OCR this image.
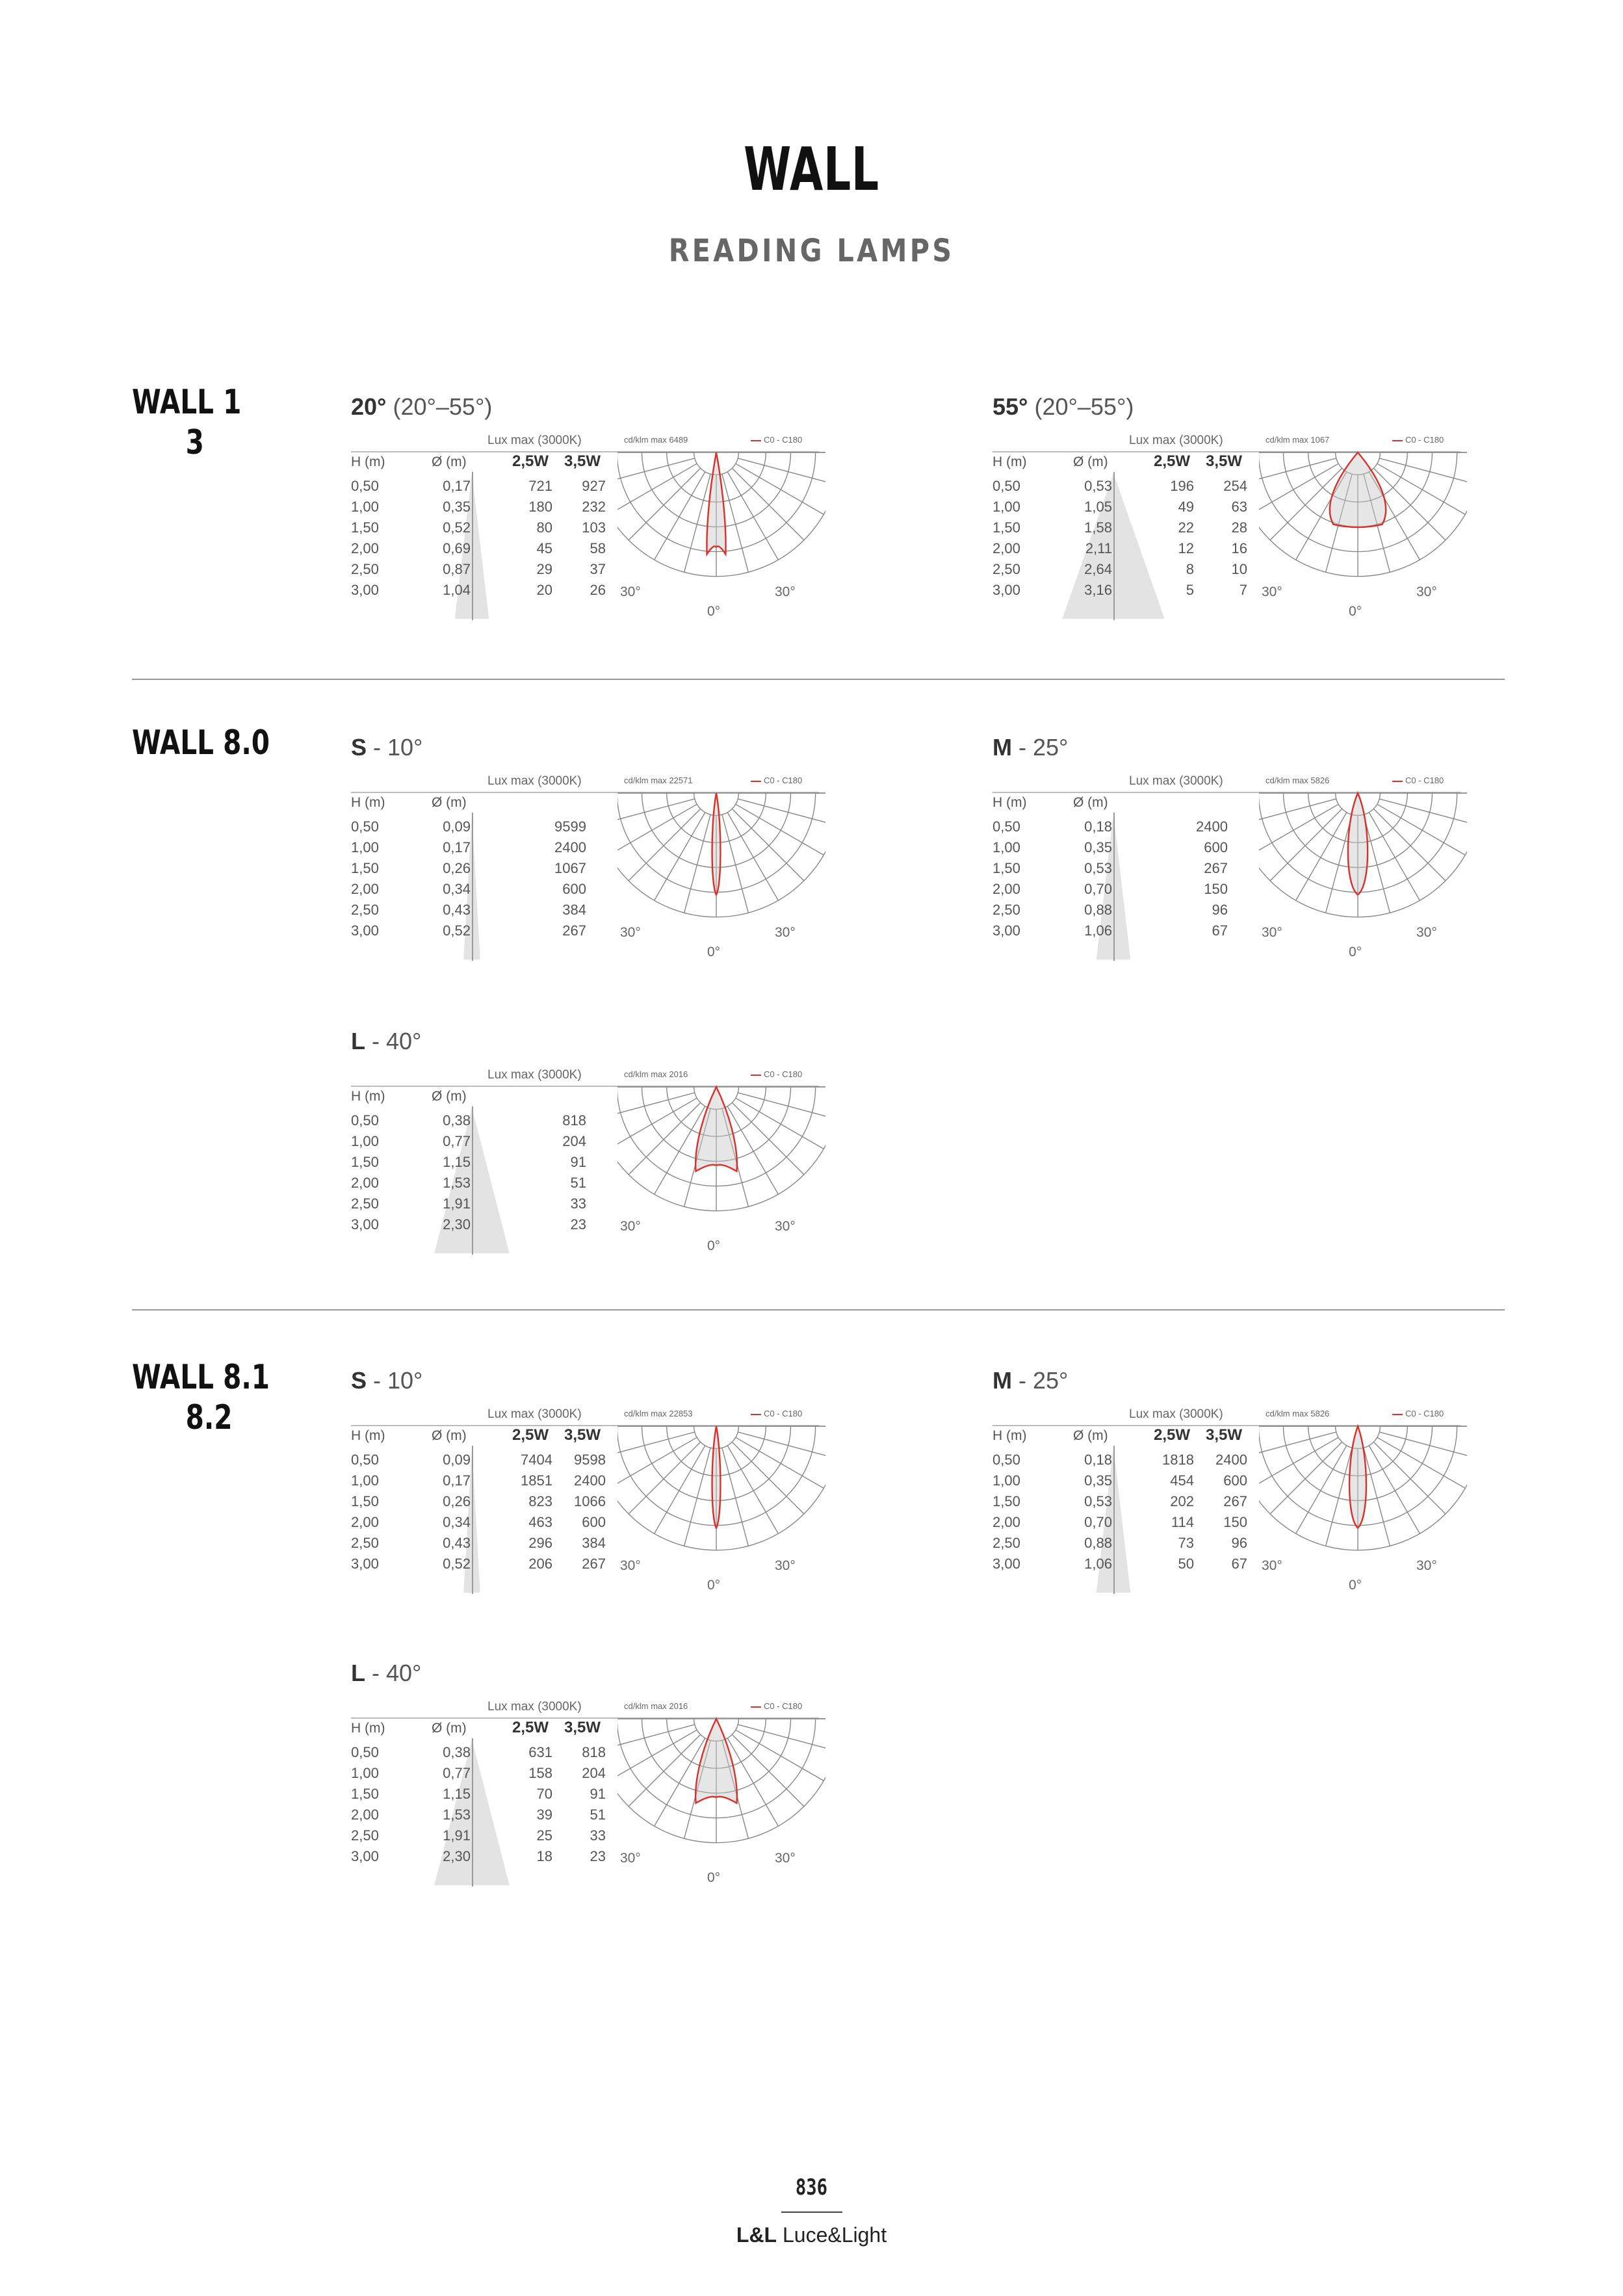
WALL
READING LAMPS
WALL 1
3
WALL 8.0
WALL 8.1
8.2
20° (20°–55°)
Lux max (3000K)
H (m)	Ø (m)	2,5W 3,5W
0,50	0,17	721	927
1,00	0,35	180	232
1,50	0,52	80	103
2,00	0,69	45	58
2,50	0,87	29	37
3,00	1,04	20	26
cd/klm max 6489	C0 - C180
30°	30°
0°
55° (20°–55°)
Lux max (3000K)
H (m)	Ø (m)	2,5W 3,5W
0,50	0,53	196	254
1,00	1,05	49	63
1,50	1,58	22	28
2,00	2,11	12	16
2,50	2,64	8	10
3,00	3,16	5	7
cd/klm max 1067	C0 - C180
30°	30°
0°
S - 10°
Lux max (3000K)
H (m)	Ø (m)
0,50	0,09	9599
1,00	0,17	2400
1,50	0,26	1067
2,00	0,34	600
2,50	0,43	384
3,00	0,52	267
cd/klm max 22571	C0 - C180
30°	30°
0°
M - 25°
Lux max (3000K)
H (m)	Ø (m)
0,50	0,18	2400
1,00	0,35	600
1,50	0,53	267
2,00	0,70	150
2,50	0,88	96
3,00	1,06	67
cd/klm max 5826	C0 - C180
30°	30°
0°
L - 40°
Lux max (3000K)
H (m)	Ø (m)
0,50	0,38	818
1,00	0,77	204
1,50	1,15	91
2,00	1,53	51
2,50	1,91	33
3,00	2,30	23
cd/klm max 2016	C0 - C180
30°	30°
0°
S - 10°
Lux max (3000K)
H (m)	Ø (m)	2,5W 3,5W
0,50	0,09	7404	9598
1,00	0,17	1851	2400
1,50	0,26	823	1066
2,00	0,34	463	600
2,50	0,43	296	384
3,00	0,52	206	267
cd/klm max 22853	C0 - C180
30°	30°
0°
M - 25°
Lux max (3000K)
H (m)	Ø (m)	2,5W 3,5W
0,50	0,18	1818	2400
1,00	0,35	454	600
1,50	0,53	202	267
2,00	0,70	114	150
2,50	0,88	73	96
3,00	1,06	50	67
cd/klm max 5826	C0 - C180
30°	30°
0°
L - 40°
Lux max (3000K)
H (m)	Ø (m)	2,5W 3,5W
0,50	0,38	631	818
1,00	0,77	158	204
1,50	1,15	70	91
2,00	1,53	39	51
2,50	1,91	25	33
3,00	2,30	18	23
cd/klm max 2016	C0 - C180
30°	30°
0°
836
L&L Luce&Light
